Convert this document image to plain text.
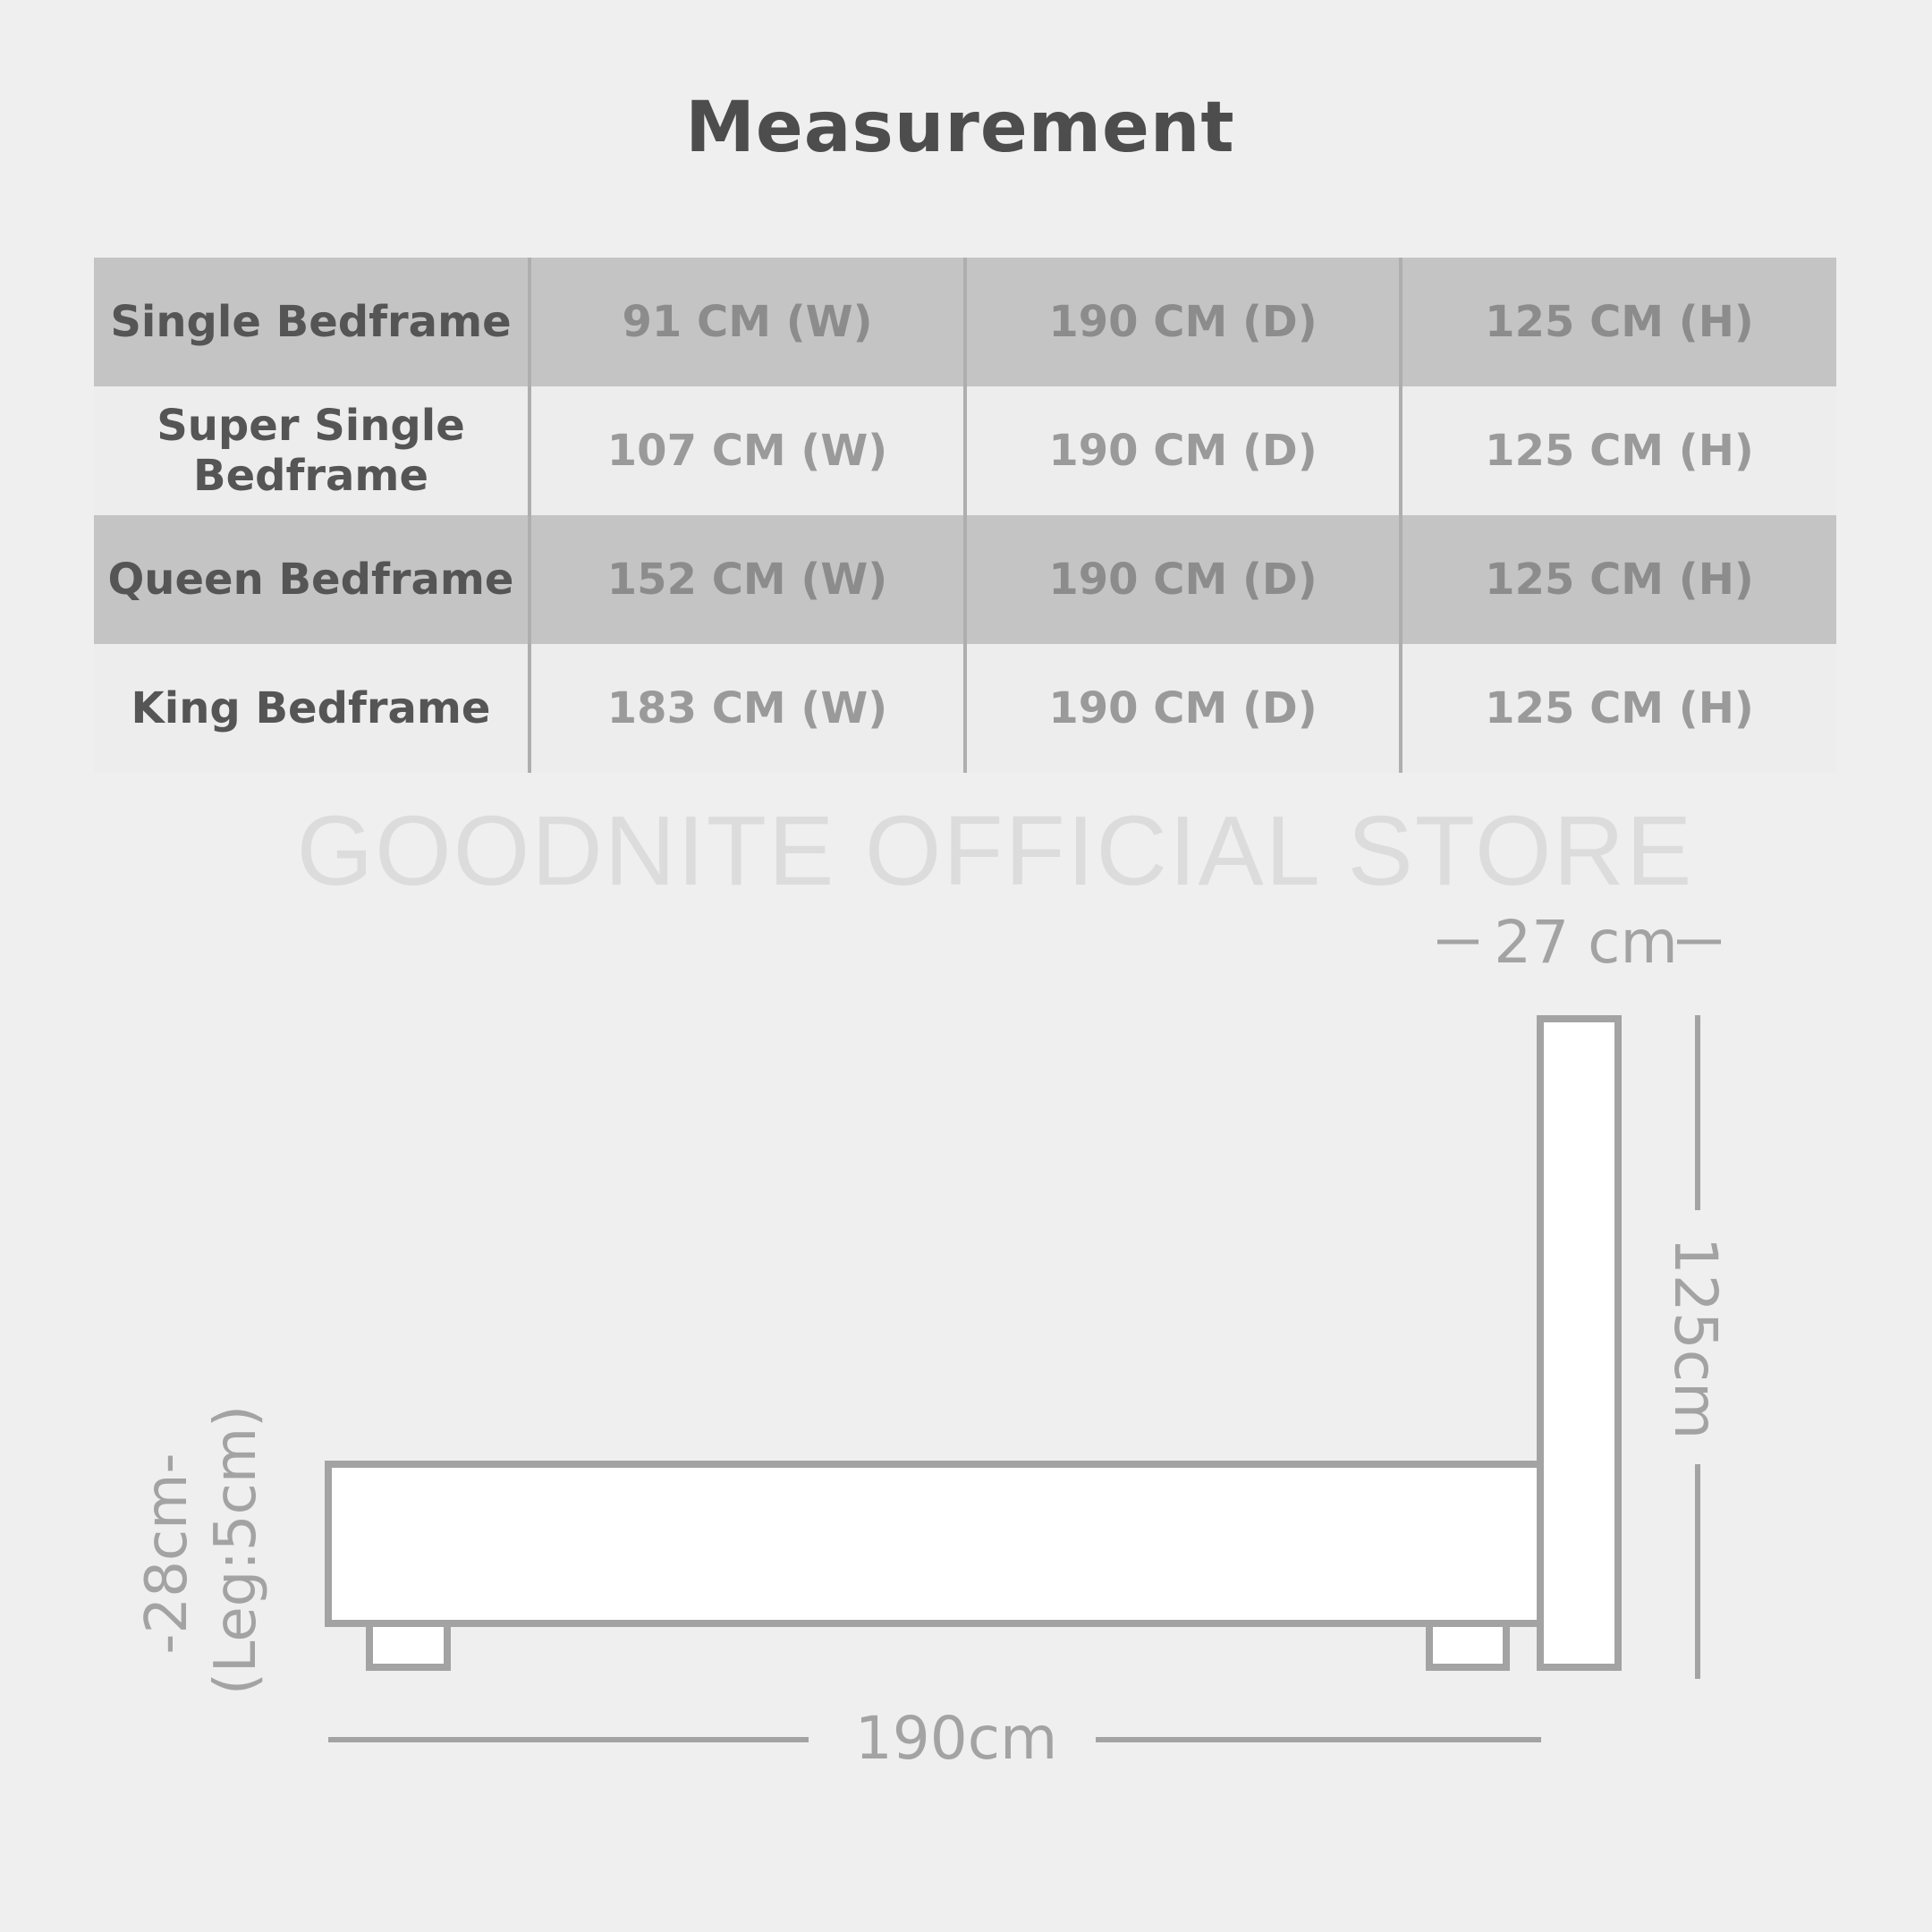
Measurement
Single Bedframe	91 CM (W)	190 CM (D)	125 CM (H)
Super Single Bedframe	107 CM (W)	190 CM (D)	125 CM (H)
Queen Bedframe	152 CM (W)	190 CM (D)	125 CM (H)
King Bedframe	183 CM (W)	190 CM (D)	125 CM (H)
GOODNITE OFFICIAL STORE
27 cm
125cm
190cm
-28cm- (Leg:5cm)
